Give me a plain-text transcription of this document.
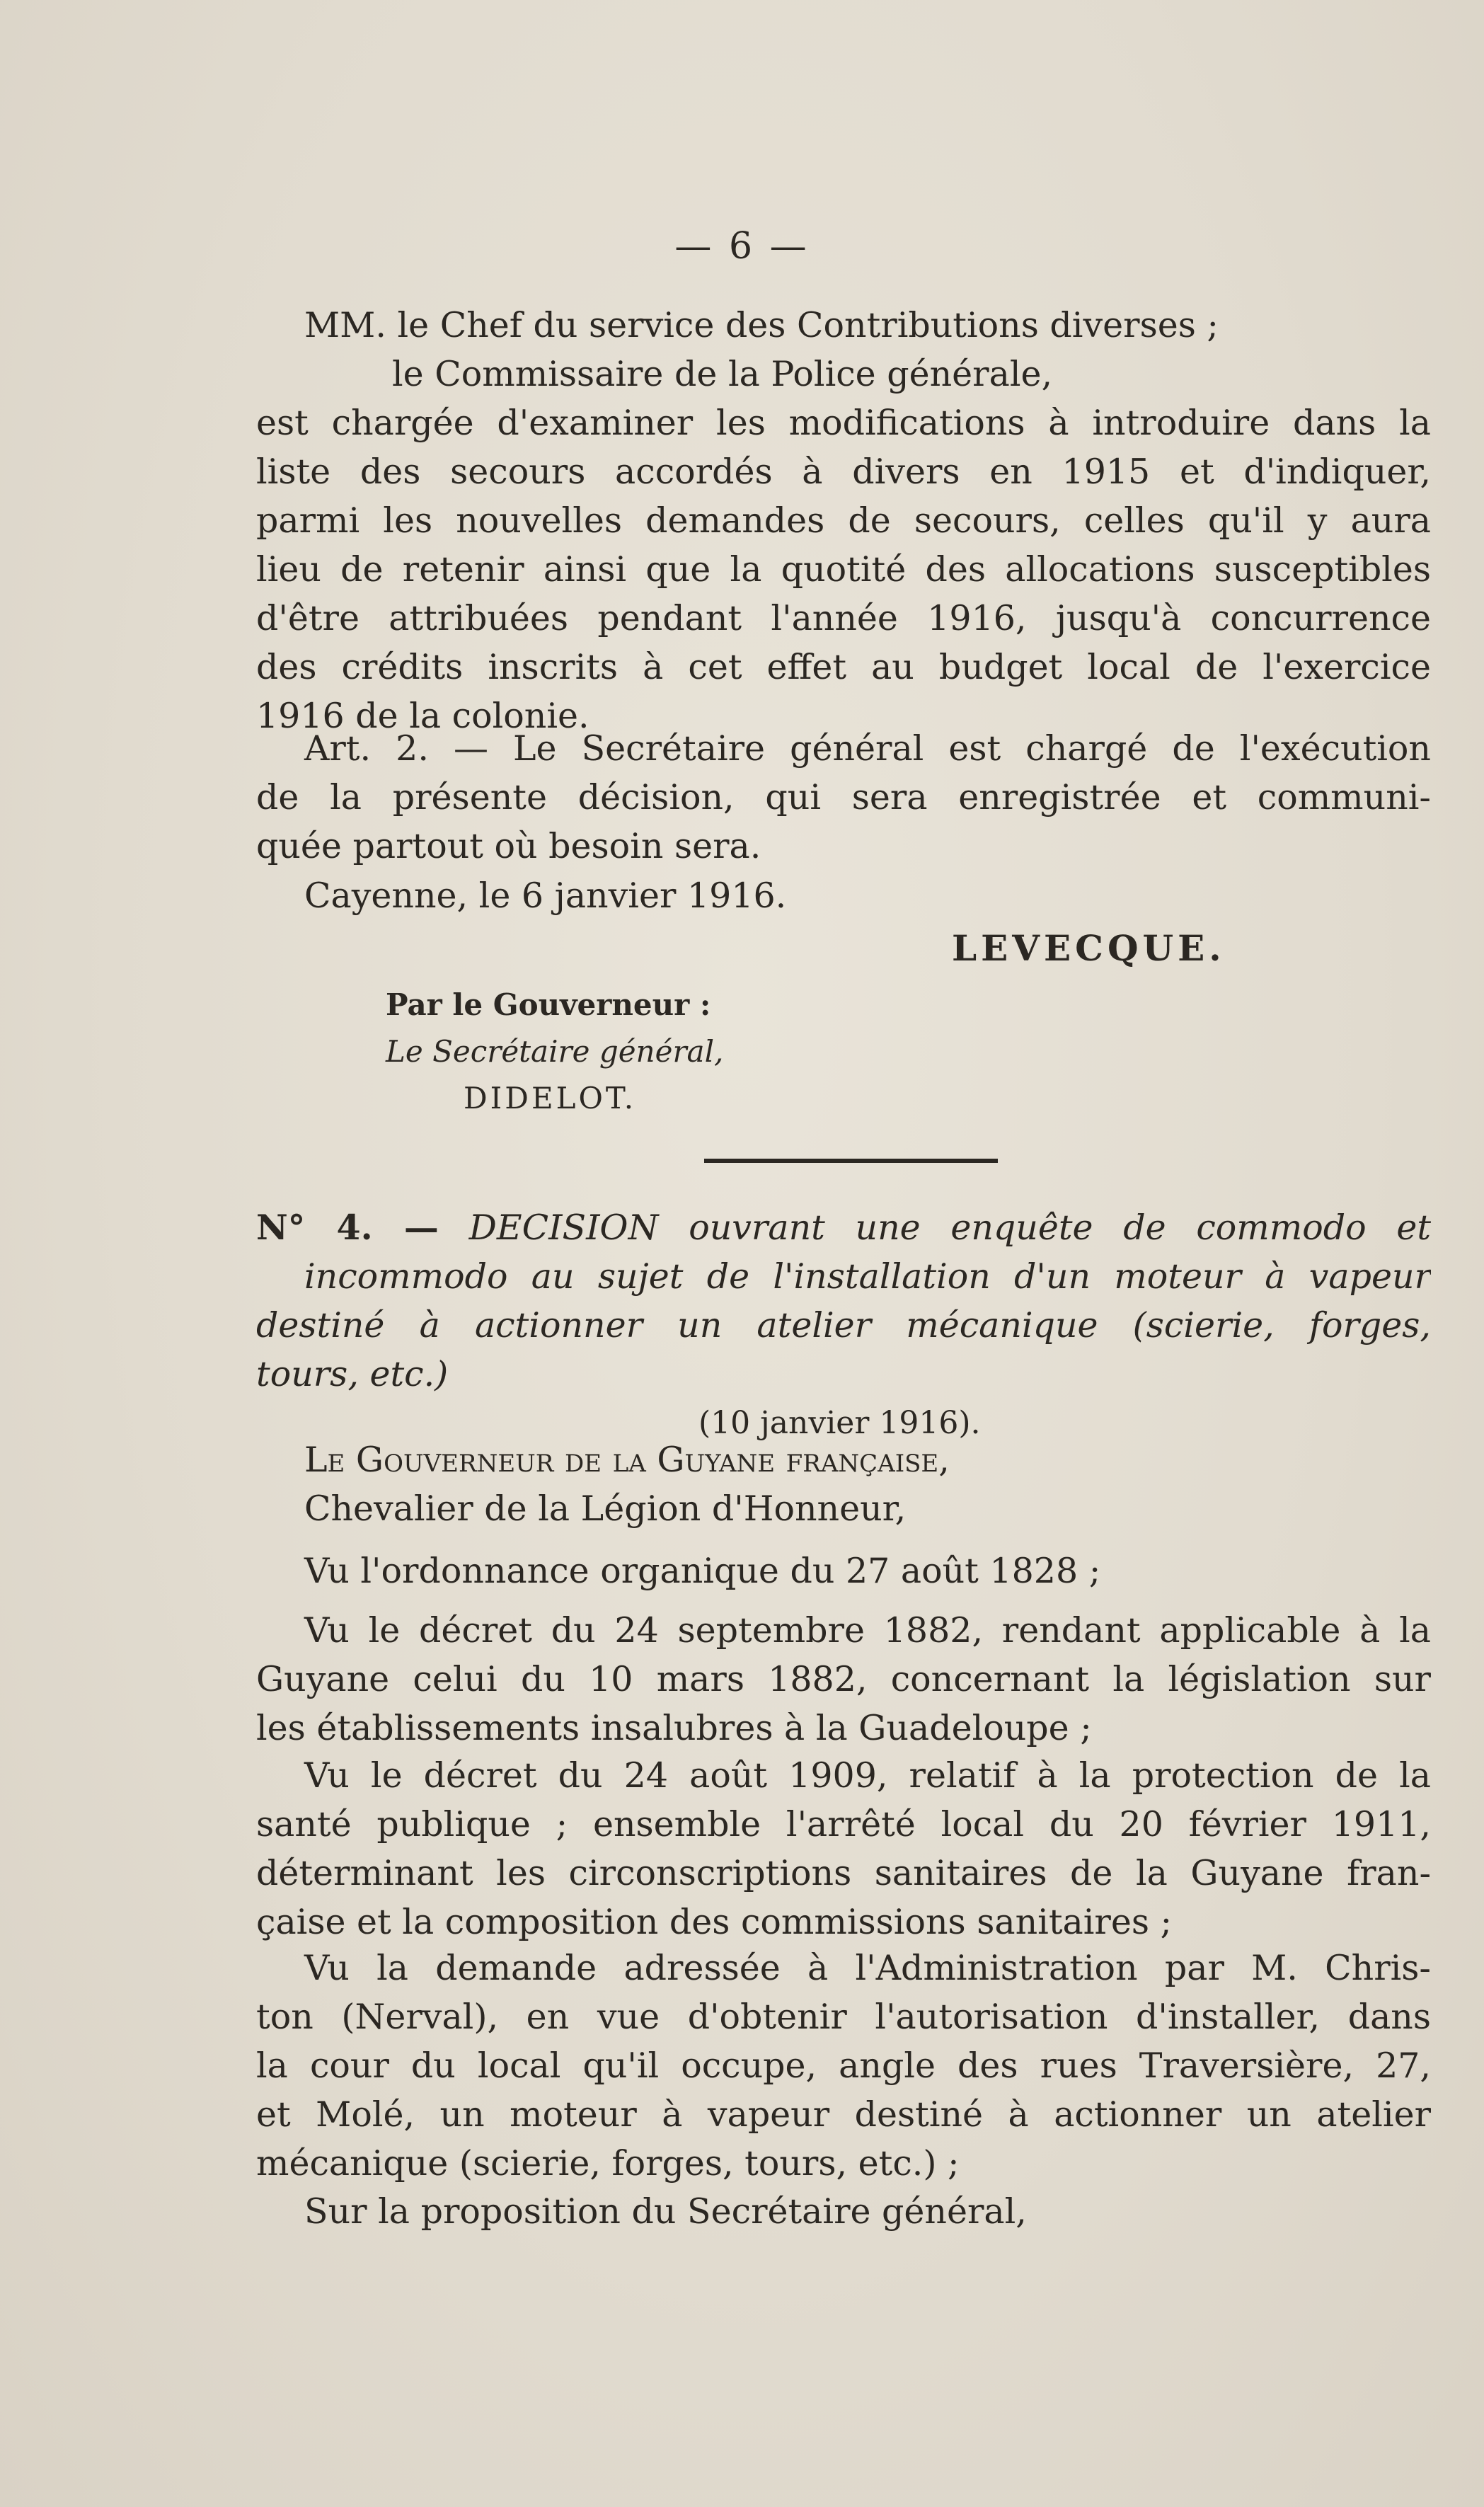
— 6 —
MM. le Chef du service des Contributions diverses ;
le Commissaire de la Police générale,
est chargée d'examiner les modifications à introduire dans la
liste des secours accordés à divers en 1915 et d'indiquer,
parmi les nouvelles demandes de secours, celles qu'il y aura
lieu de retenir ainsi que la quotité des allocations susceptibles
d'être attribuées pendant l'année 1916, jusqu'à concurrence
des crédits inscrits à cet effet au budget local de l'exercice
1916 de la colonie.
Art. 2. — Le Secrétaire général est chargé de l'exécution
de la présente décision, qui sera enregistrée et communi-
quée partout où besoin sera.
Cayenne, le 6 janvier 1916.
LEVECQUE.
Par le Gouverneur :
Le Secrétaire général,
DIDELOT.
N° 4. — DECISION ouvrant une enquête de commodo et
incommodo au sujet de l'installation d'un moteur à vapeur
destiné à actionner un atelier mécanique (scierie, forges,
tours, etc.)
(10 janvier 1916).
Le Gouverneur de la Guyane française,
Chevalier de la Légion d'Honneur,
Vu l'ordonnance organique du 27 août 1828 ;
Vu le décret du 24 septembre 1882, rendant applicable à la
Guyane celui du 10 mars 1882, concernant la législation sur
les établissements insalubres à la Guadeloupe ;
Vu le décret du 24 août 1909, relatif à la protection de la
santé publique ; ensemble l'arrêté local du 20 février 1911,
déterminant les circonscriptions sanitaires de la Guyane fran-
çaise et la composition des commissions sanitaires ;
Vu la demande adressée à l'Administration par M. Chris-
ton (Nerval), en vue d'obtenir l'autorisation d'installer, dans
la cour du local qu'il occupe, angle des rues Traversière, 27,
et Molé, un moteur à vapeur destiné à actionner un atelier
mécanique (scierie, forges, tours, etc.) ;
Sur la proposition du Secrétaire général,
